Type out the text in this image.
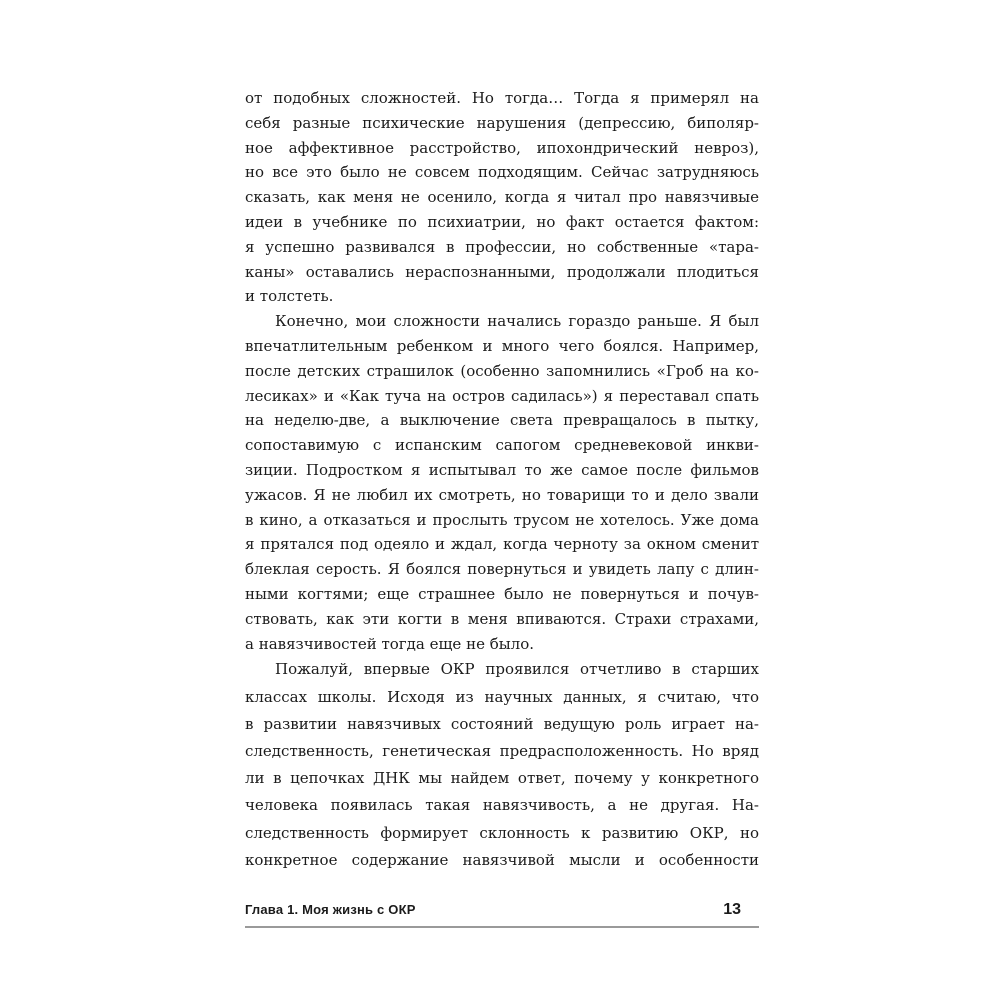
от подобных сложностей. Но тогда… Тогда я примерял на
себя разные психические нарушения (депрессию, биполяр-
ное аффективное расстройство, ипохондрический невроз),
но все это было не совсем подходящим. Сейчас затрудняюсь
сказать, как меня не осенило, когда я читал про навязчивые
идеи в учебнике по психиатрии, но факт остается фактом:
я успешно развивался в профессии, но собственные «тара-
каны» оставались нераспознанными, продолжали плодиться
и толстеть.
Конечно, мои сложности начались гораздо раньше. Я был
впечатлительным ребенком и много чего боялся. Например,
после детских страшилок (особенно запомнились «Гроб на ко-
лесиках» и «Как туча на остров садилась») я переставал спать
на неделю-две, а выключение света превращалось в пытку,
сопоставимую с испанским сапогом средневековой инкви-
зиции. Подростком я испытывал то же самое после фильмов
ужасов. Я не любил их смотреть, но товарищи то и дело звали
в кино, а отказаться и прослыть трусом не хотелось. Уже дома
я прятался под одеяло и ждал, когда черноту за окном сменит
блеклая серость. Я боялся повернуться и увидеть лапу с длин-
ными когтями; еще страшнее было не повернуться и почув-
ствовать, как эти когти в меня впиваются. Страхи страхами,
а навязчивостей тогда еще не было.
Пожалуй, впервые ОКР проявился отчетливо в старших
классах школы. Исходя из научных данных, я считаю, что
в развитии навязчивых состояний ведущую роль играет на-
следственность, генетическая предрасположенность. Но вряд
ли в цепочках ДНК мы найдем ответ, почему у конкретного
человека появилась такая навязчивость, а не другая. На-
следственность формирует склонность к развитию ОКР, но
конкретное содержание навязчивой мысли и особенности
Глава 1. Моя жизнь с ОКР	13
